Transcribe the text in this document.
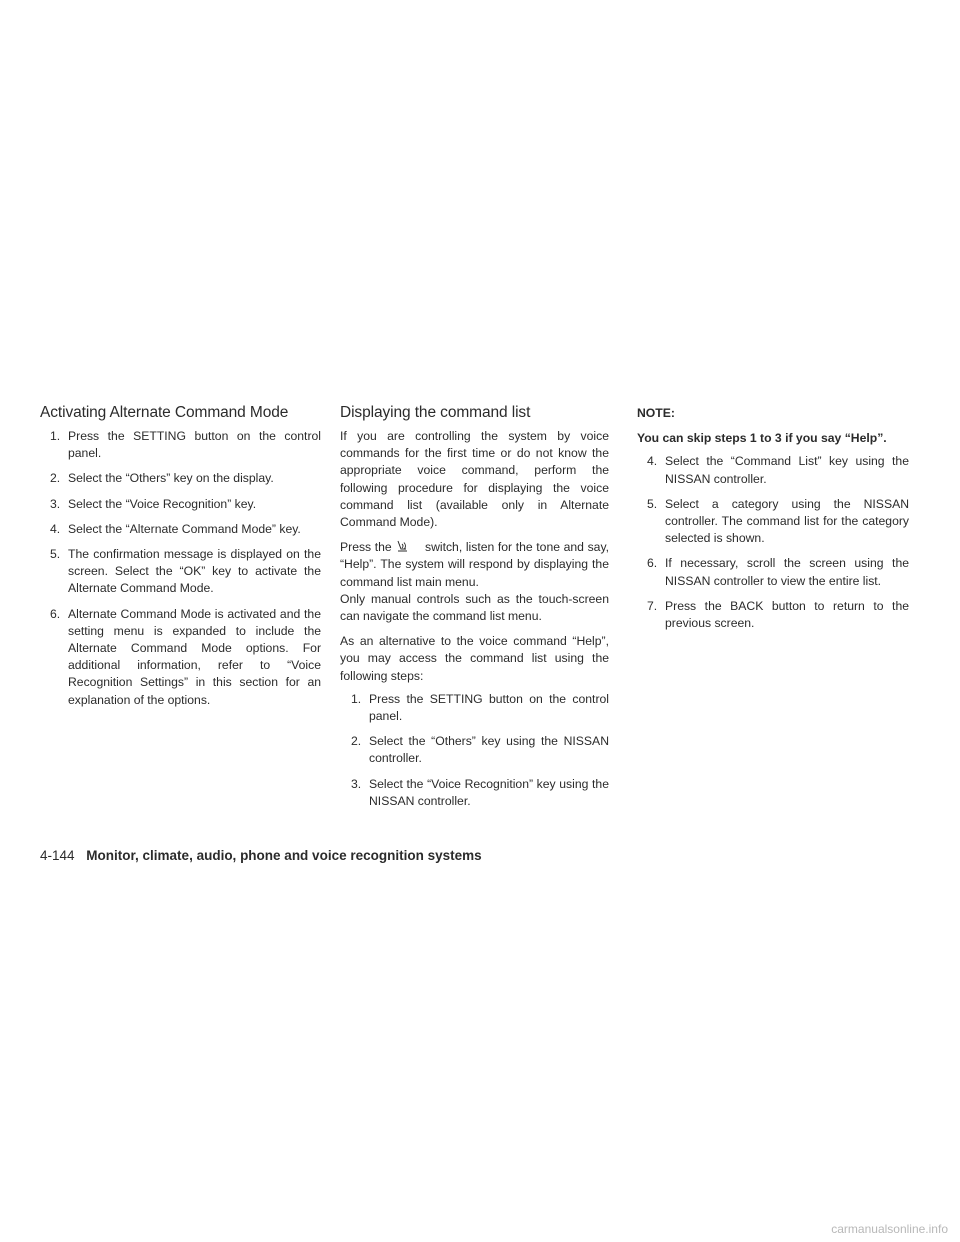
Activating Alternate Command Mode
1. Press the SETTING button on the control panel.
2. Select the “Others” key on the display.
3. Select the “Voice Recognition” key.
4. Select the “Alternate Command Mode” key.
5. The confirmation message is displayed on the screen. Select the “OK” key to activate the Alternate Command Mode.
6. Alternate Command Mode is activated and the setting menu is expanded to include the Alternate Command Mode options. For additional information, refer to “Voice Recognition Settings” in this section for an explanation of the options.
Displaying the command list

If you are controlling the system by voice commands for the first time or do not know the appropriate voice command, perform the following procedure for displaying the voice command list (available only in Alternate Command Mode).

Press the	switch, listen for the tone and say, “Help”. The system will respond by displaying the command list main menu.

Only manual controls such as the touch-screen can navigate the command list menu.

As an alternative to the voice command “Help”, you may access the command list using the following steps:

1. Press the SETTING button on the control panel.
2. Select the “Others” key using the NISSAN controller.
3. Select the “Voice Recognition” key using the NISSAN controller.
NOTE:

You can skip steps 1 to 3 if you say “Help”.

4. Select the “Command List” key using the NISSAN controller.
5. Select a category using the NISSAN controller. The command list for the category selected is shown.
6. If necessary, scroll the screen using the NISSAN controller to view the entire list.
7. Press the BACK button to return to the previous screen.
4-144 Monitor, climate, audio, phone and voice recognition systems
carmanualsonline.info
